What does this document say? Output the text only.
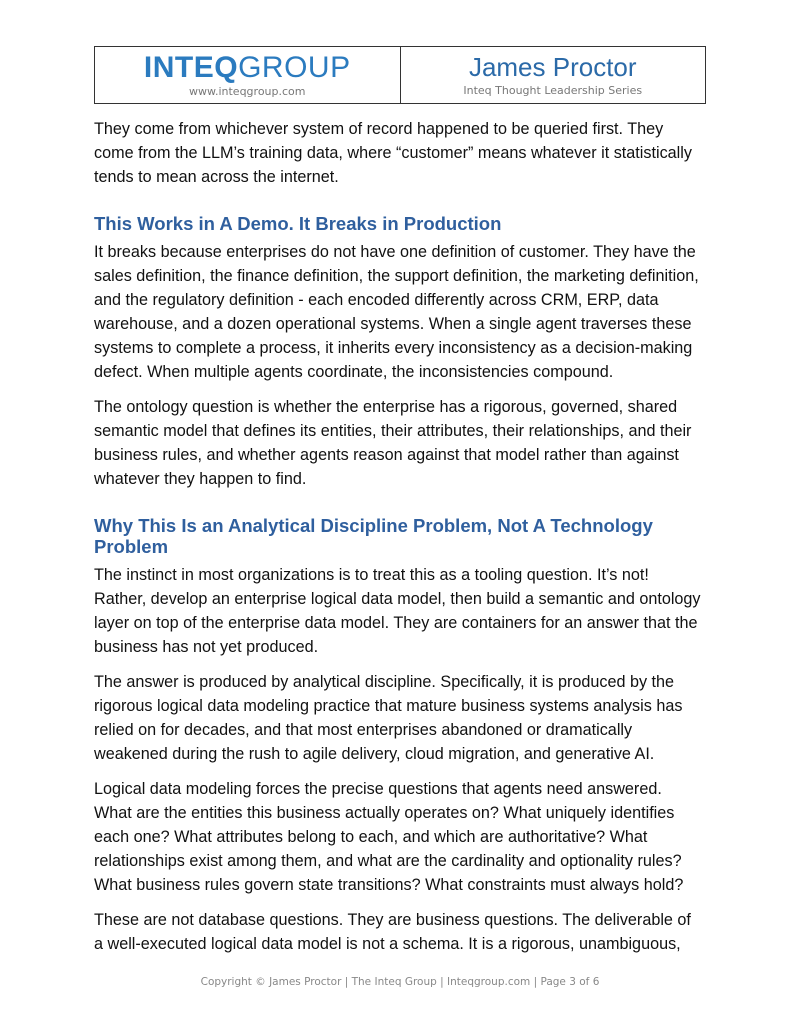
INTEQGROUP
www.inteqgroup.com
James Proctor
Inteq Thought Leadership Series

They come from whichever system of record happened to be queried first. They come from the LLM’s training data, where “customer” means whatever it statistically tends to mean across the internet.

This Works in A Demo. It Breaks in Production

It breaks because enterprises do not have one definition of customer. They have the sales definition, the finance definition, the support definition, the marketing definition, and the regulatory definition - each encoded differently across CRM, ERP, data warehouse, and a dozen operational systems. When a single agent traverses these systems to complete a process, it inherits every inconsistency as a decision-making defect. When multiple agents coordinate, the inconsistencies compound.

The ontology question is whether the enterprise has a rigorous, governed, shared semantic model that defines its entities, their attributes, their relationships, and their business rules, and whether agents reason against that model rather than against whatever they happen to find.

Why This Is an Analytical Discipline Problem, Not A Technology Problem

The instinct in most organizations is to treat this as a tooling question. It’s not! Rather, develop an enterprise logical data model, then build a semantic and ontology layer on top of the enterprise data model. They are containers for an answer that the business has not yet produced.

The answer is produced by analytical discipline. Specifically, it is produced by the rigorous logical data modeling practice that mature business systems analysis has relied on for decades, and that most enterprises abandoned or dramatically weakened during the rush to agile delivery, cloud migration, and generative AI.

Logical data modeling forces the precise questions that agents need answered. What are the entities this business actually operates on? What uniquely identifies each one? What attributes belong to each, and which are authoritative? What relationships exist among them, and what are the cardinality and optionality rules? What business rules govern state transitions? What constraints must always hold?

These are not database questions. They are business questions. The deliverable of a well-executed logical data model is not a schema. It is a rigorous, unambiguous,

Copyright © James Proctor | The Inteq Group | Inteqgroup.com | Page 3 of 6
